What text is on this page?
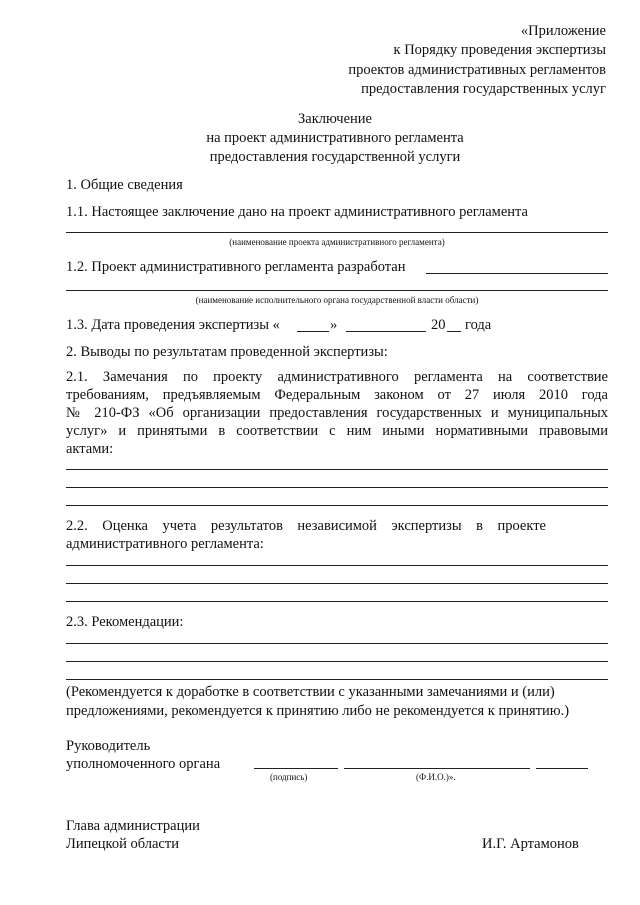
«Приложение
к Порядку проведения экспертизы
проектов административных регламентов
предоставления государственных услуг
Заключение
на проект административного регламента
предоставления государственной услуги
1. Общие сведения
1.1. Настоящее заключение дано на проект административного регламента
(наименование проекта административного регламента)
1.2. Проект административного регламента разработан
(наименование исполнительного органа государственной власти области)
1.3. Дата проведения экспертизы «	»	20 года
2. Выводы по результатам проведенной экспертизы:
2.1. Замечания по проекту административного регламента на соответствие
требованиям, предъявляемым Федеральным законом от 27 июля 2010 года
№ 210-ФЗ «Об организации предоставления государственных и муниципальных
услуг» и принятыми в соответствии с ним иными нормативными правовыми
актами:
2.2. Оценка учета результатов независимой экспертизы в проекте
административного регламента:
2.3. Рекомендации:
(Рекомендуется к доработке в соответствии с указанными замечаниями и (или)
предложениями, рекомендуется к принятию либо не рекомендуется к принятию.)
Руководитель
уполномоченного органа
(подпись)	(Ф.И.О.)».
Глава администрации
Липецкой области	И.Г. Артамонов
